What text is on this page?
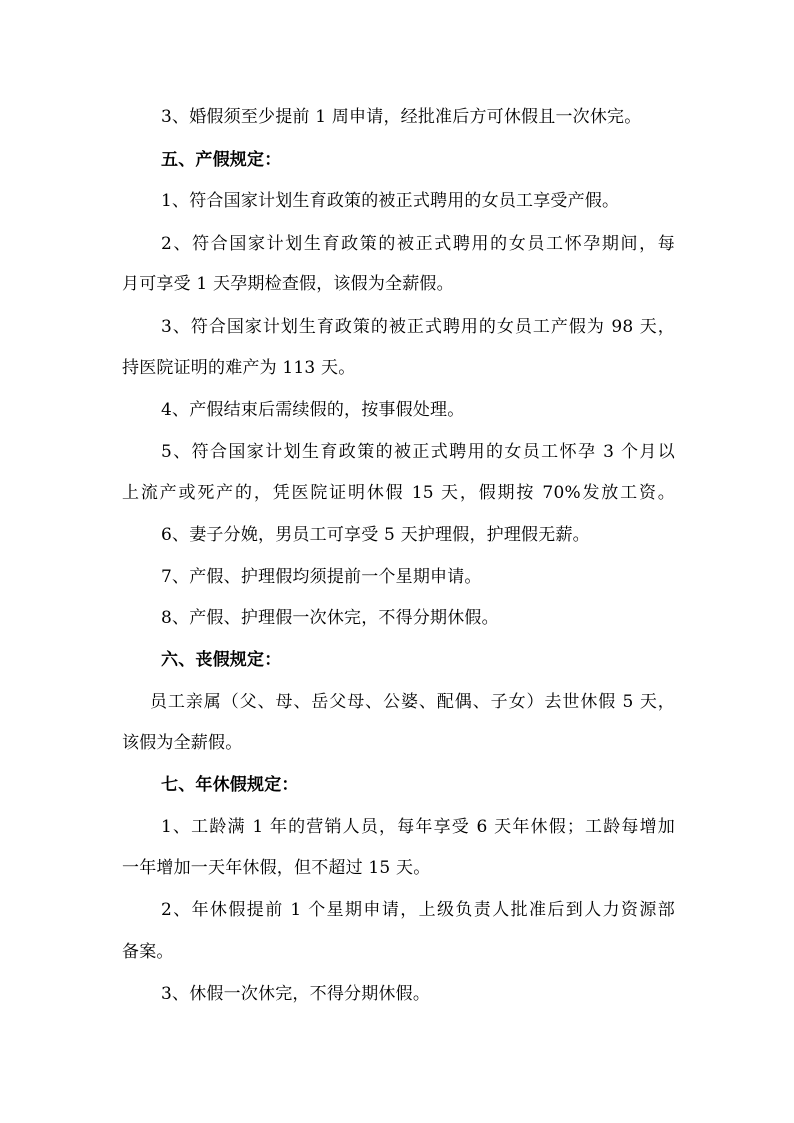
3、婚假须至少提前 1 周申请，经批准后方可休假且一次休完。
五、产假规定：
1、符合国家计划生育政策的被正式聘用的女员工享受产假。
2、符合国家计划生育政策的被正式聘用的女员工怀孕期间，每
月可享受 1 天孕期检查假，该假为全薪假。
3、符合国家计划生育政策的被正式聘用的女员工产假为 98 天，
持医院证明的难产为 113 天。
4、产假结束后需续假的，按事假处理。
5、符合国家计划生育政策的被正式聘用的女员工怀孕 3 个月以
上流产或死产的，凭医院证明休假 15 天，假期按 70%发放工资。
6、妻子分娩，男员工可享受 5 天护理假，护理假无薪。
7、产假、护理假均须提前一个星期申请。
8、产假、护理假一次休完，不得分期休假。
六、丧假规定：
员工亲属（父、母、岳父母、公婆、配偶、子女）去世休假 5 天，
该假为全薪假。
七、年休假规定：
1、工龄满 1 年的营销人员，每年享受 6 天年休假；工龄每增加
一年增加一天年休假，但不超过 15 天。
2、年休假提前 1 个星期申请，上级负责人批准后到人力资源部
备案。
3、休假一次休完，不得分期休假。
